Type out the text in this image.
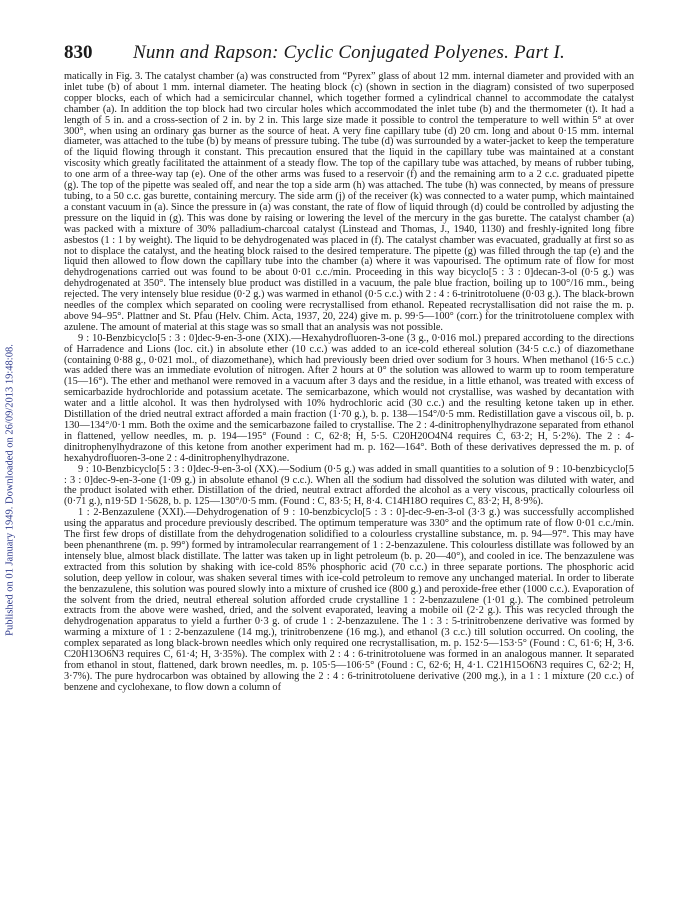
830	Nunn and Rapson: Cyclic Conjugated Polyenes. Part I.
Published on 01 January 1949. Downloaded on 26/09/2013 19:48:08.

matically in Fig. 3. The catalyst chamber (a) was constructed from “Pyrex” glass of about 12 mm. internal diameter and provided with an inlet tube (b) of about 1 mm. internal diameter. The heating block (c) (shown in section in the diagram) consisted of two superposed copper blocks, each of which had a semicircular channel, which together formed a cylindrical channel to accommodate the catalyst chamber (a). In addition the top block had two circular holes which accommodated the inlet tube (b) and the thermometer (t). It had a length of 5 in. and a cross-section of 2 in. by 2 in. This large size made it possible to control the temperature to well within 5° at over 300°, when using an ordinary gas burner as the source of heat. A very fine capillary tube (d) 20 cm. long and about 0·15 mm. internal diameter, was attached to the tube (b) by means of pressure tubing. The tube (d) was surrounded by a water-jacket to keep the temperature of the liquid flowing through it constant. This precaution ensured that the liquid in the capillary tube was maintained at a constant viscosity which greatly facilitated the attainment of a steady flow. The top of the capillary tube was attached, by means of rubber tubing, to one arm of a three-way tap (e). One of the other arms was fused to a reservoir (f) and the remaining arm to a 2 c.c. graduated pipette (g). The top of the pipette was sealed off, and near the top a side arm (h) was attached. The tube (h) was connected, by means of pressure tubing, to a 50 c.c. gas burette, containing mercury. The side arm (j) of the receiver (k) was connected to a water pump, which maintained a constant vacuum in (a). Since the pressure in (a) was constant, the rate of flow of liquid through (d) could be controlled by adjusting the pressure on the liquid in (g). This was done by raising or lowering the level of the mercury in the gas burette. The catalyst chamber (a) was packed with a mixture of 30% palladium-charcoal catalyst (Linstead and Thomas, J., 1940, 1130) and freshly-ignited long fibre asbestos (1 : 1 by weight). The liquid to be dehydrogenated was placed in (f). The catalyst chamber was evacuated, gradually at first so as not to displace the catalyst, and the heating block raised to the desired temperature. The pipette (g) was filled through the tap (e) and the liquid then allowed to flow down the capillary tube into the chamber (a) where it was vapourised. The optimum rate of flow for most dehydrogenations carried out was found to be about 0·01 c.c./min. Proceeding in this way bicyclo[5 : 3 : 0]decan-3-ol (0·5 g.) was dehydrogenated at 350°. The intensely blue product was distilled in a vacuum, the pale blue fraction, boiling up to 100°/16 mm., being rejected. The very intensely blue residue (0·2 g.) was warmed in ethanol (0·5 c.c.) with 2 : 4 : 6-trinitrotoluene (0·03 g.). The black-brown needles of the complex which separated on cooling were recrystallised from ethanol. Repeated recrystallisation did not raise the m. p. above 94–95°. Plattner and St. Pfau (Helv. Chim. Acta, 1937, 20, 224) give m. p. 99·5—100° (corr.) for the trinitrotoluene complex with azulene. The amount of material at this stage was so small that an analysis was not possible.

9 : 10-Benzbicyclo[5 : 3 : 0]dec-9-en-3-one (XIX).—Hexahydrofluoren-3-one (3 g., 0·016 mol.) prepared according to the directions of Harradence and Lions (loc. cit.) in absolute ether (10 c.c.) was added to an ice-cold ethereal solution (34·5 c.c.) of diazomethane (containing 0·88 g., 0·021 mol., of diazomethane), which had previously been dried over sodium for 3 hours. When methanol (16·5 c.c.) was added there was an immediate evolution of nitrogen. After 2 hours at 0° the solution was allowed to warm up to room temperature (15—16°). The ether and methanol were removed in a vacuum after 3 days and the residue, in a little ethanol, was treated with excess of semicarbazide hydrochloride and potassium acetate. The semicarbazone, which would not crystallise, was washed by decantation with water and a little alcohol. It was then hydrolysed with 10% hydrochloric acid (30 c.c.) and the resulting ketone taken up in ether. Distillation of the dried neutral extract afforded a main fraction (1·70 g.), b. p. 138—154°/0·5 mm. Redistillation gave a viscous oil, b. p. 130—134°/0·1 mm. Both the oxime and the semicarbazone failed to crystallise. The 2 : 4-dinitrophenylhydrazone separated from ethanol in flattened, yellow needles, m. p. 194—195° (Found : C, 62·8; H, 5·5. C20H20O4N4 requires C, 63·2; H, 5·2%). The 2 : 4-dinitrophenylhydrazone of this ketone from another experiment had m. p. 162—164°. Both of these derivatives depressed the m. p. of hexahydrofluoren-3-one 2 : 4-dinitrophenylhydrazone.

9 : 10-Benzbicyclo[5 : 3 : 0]dec-9-en-3-ol (XX).—Sodium (0·5 g.) was added in small quantities to a solution of 9 : 10-benzbicyclo[5 : 3 : 0]dec-9-en-3-one (1·09 g.) in absolute ethanol (9 c.c.). When all the sodium had dissolved the solution was diluted with water, and the product isolated with ether. Distillation of the dried, neutral extract afforded the alcohol as a very viscous, practically colourless oil (0·71 g.), n19·5D 1·5628, b. p. 125—130°/0·5 mm. (Found : C, 83·5; H, 8·4. C14H18O requires C, 83·2; H, 8·9%).

1 : 2-Benzazulene (XXI).—Dehydrogenation of 9 : 10-benzbicyclo[5 : 3 : 0]-dec-9-en-3-ol (3·3 g.) was successfully accomplished using the apparatus and procedure previously described. The optimum temperature was 330° and the optimum rate of flow 0·01 c.c./min. The first few drops of distillate from the dehydrogenation solidified to a colourless crystalline substance, m. p. 94—97°. This may have been phenanthrene (m. p. 99°) formed by intramolecular rearrangement of 1 : 2-benzazulene. This colourless distillate was followed by an intensely blue, almost black distillate. The latter was taken up in light petroleum (b. p. 20—40°), and cooled in ice. The benzazulene was extracted from this solution by shaking with ice-cold 85% phosphoric acid (70 c.c.) in three separate portions. The phosphoric acid solution, deep yellow in colour, was shaken several times with ice-cold petroleum to remove any unchanged material. In order to liberate the benzazulene, this solution was poured slowly into a mixture of crushed ice (800 g.) and peroxide-free ether (1000 c.c.). Evaporation of the solvent from the dried, neutral ethereal solution afforded crude crystalline 1 : 2-benzazulene (1·01 g.). The combined petroleum extracts from the above were washed, dried, and the solvent evaporated, leaving a mobile oil (2·2 g.). This was recycled through the dehydrogenation apparatus to yield a further 0·3 g. of crude 1 : 2-benzazulene. The 1 : 3 : 5-trinitrobenzene derivative was formed by warming a mixture of 1 : 2-benzazulene (14 mg.), trinitrobenzene (16 mg.), and ethanol (3 c.c.) till solution occurred. On cooling, the complex separated as long black-brown needles which only required one recrystallisation, m. p. 152·5—153·5° (Found : C, 61·6; H, 3·6. C20H13O6N3 requires C, 61·4; H, 3·35%). The complex with 2 : 4 : 6-trinitrotoluene was formed in an analogous manner. It separated from ethanol in stout, flattened, dark brown needles, m. p. 105·5—106·5° (Found : C, 62·6; H, 4·1. C21H15O6N3 requires C, 62·2; H, 3·7%). The pure hydrocarbon was obtained by allowing the 2 : 4 : 6-trinitrotoluene derivative (200 mg.), in a 1 : 1 mixture (20 c.c.) of benzene and cyclohexane, to flow down a column of
